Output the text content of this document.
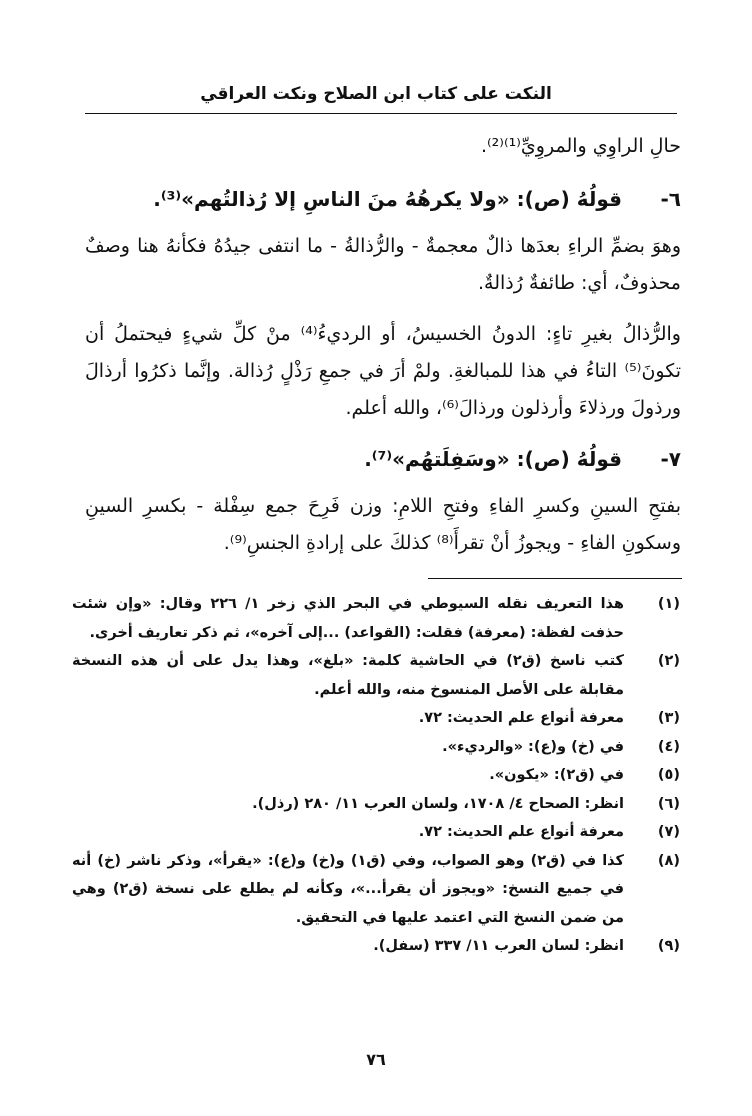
النكت على كتاب ابن الصلاح ونكت العراقي

حالِ الراوِي والمروِيِّ⁽¹⁾⁽²⁾.

٦- قولُهُ (ص): «ولا يكرهُهُ منَ الناسِ إلا رُذالتُهم»⁽³⁾.

وهوَ بضمِّ الراءِ بعدَها ذالٌ معجمةٌ - والرُّذالةُ - ما انتفى جيدُهُ فكأنهُ هنا وصفٌ محذوفٌ، أي: طائفةٌ رُذالةٌ.

والرُّذالُ بغيرِ تاءٍ: الدونُ الخسيسُ، أو الرديءُ⁽⁴⁾ منْ كلِّ شيءٍ فيحتملُ أن تكونَ⁽⁵⁾ التاءُ في هذا للمبالغةِ. ولمْ أرَ في جمعِ رَذْلٍ رُذالة. وإنَّما ذكرُوا أرذالَ ورذولَ ورذلاءَ وأرذلون ورذالَ⁽⁶⁾، والله أعلم.

٧- قولُهُ (ص): «وسَفِلَتهُم»⁽⁷⁾.

بفتحِ السينِ وكسرِ الفاءِ وفتحِ اللامِ: وزن فَرِحَ جمع سِفْلة - بكسرِ السينِ وسكونِ الفاءِ - ويجوزُ أنْ تقرأَ⁽⁸⁾ كذلكَ على إرادةِ الجنسِ⁽⁹⁾.

(١)
هذا التعريف نقله السيوطي في البحر الذي زخر ١/ ٢٢٦ وقال: «وإن شئت حذفت لفظة: (معرفة) فقلت: (القواعد) ...إلى آخره»، ثم ذكر تعاريف أخرى.
(٢)
كتب ناسخ (ق٢) في الحاشية كلمة: «بلغ»، وهذا يدل على أن هذه النسخة مقابلة على الأصل المنسوخ منه، والله أعلم.
(٣)
معرفة أنواع علم الحديث: ٧٢.
(٤)
في (خ) و(ع): «والرديء».
(٥)
في (ق٢): «يكون».
(٦)
انظر: الصحاح ٤/ ١٧٠٨، ولسان العرب ١١/ ٢٨٠ (رذل).
(٧)
معرفة أنواع علم الحديث: ٧٢.
(٨)
كذا في (ق٢) وهو الصواب، وفي (ق١) و(خ) و(ع): «يقرأ»، وذكر ناشر (خ) أنه في جميع النسخ: «ويجوز أن يقرأ...»، وكأنه لم يطلع على نسخة (ق٢) وهي من ضمن النسخ التي اعتمد عليها في التحقيق.
(٩)
انظر: لسان العرب ١١/ ٣٣٧ (سفل).
٧٦
